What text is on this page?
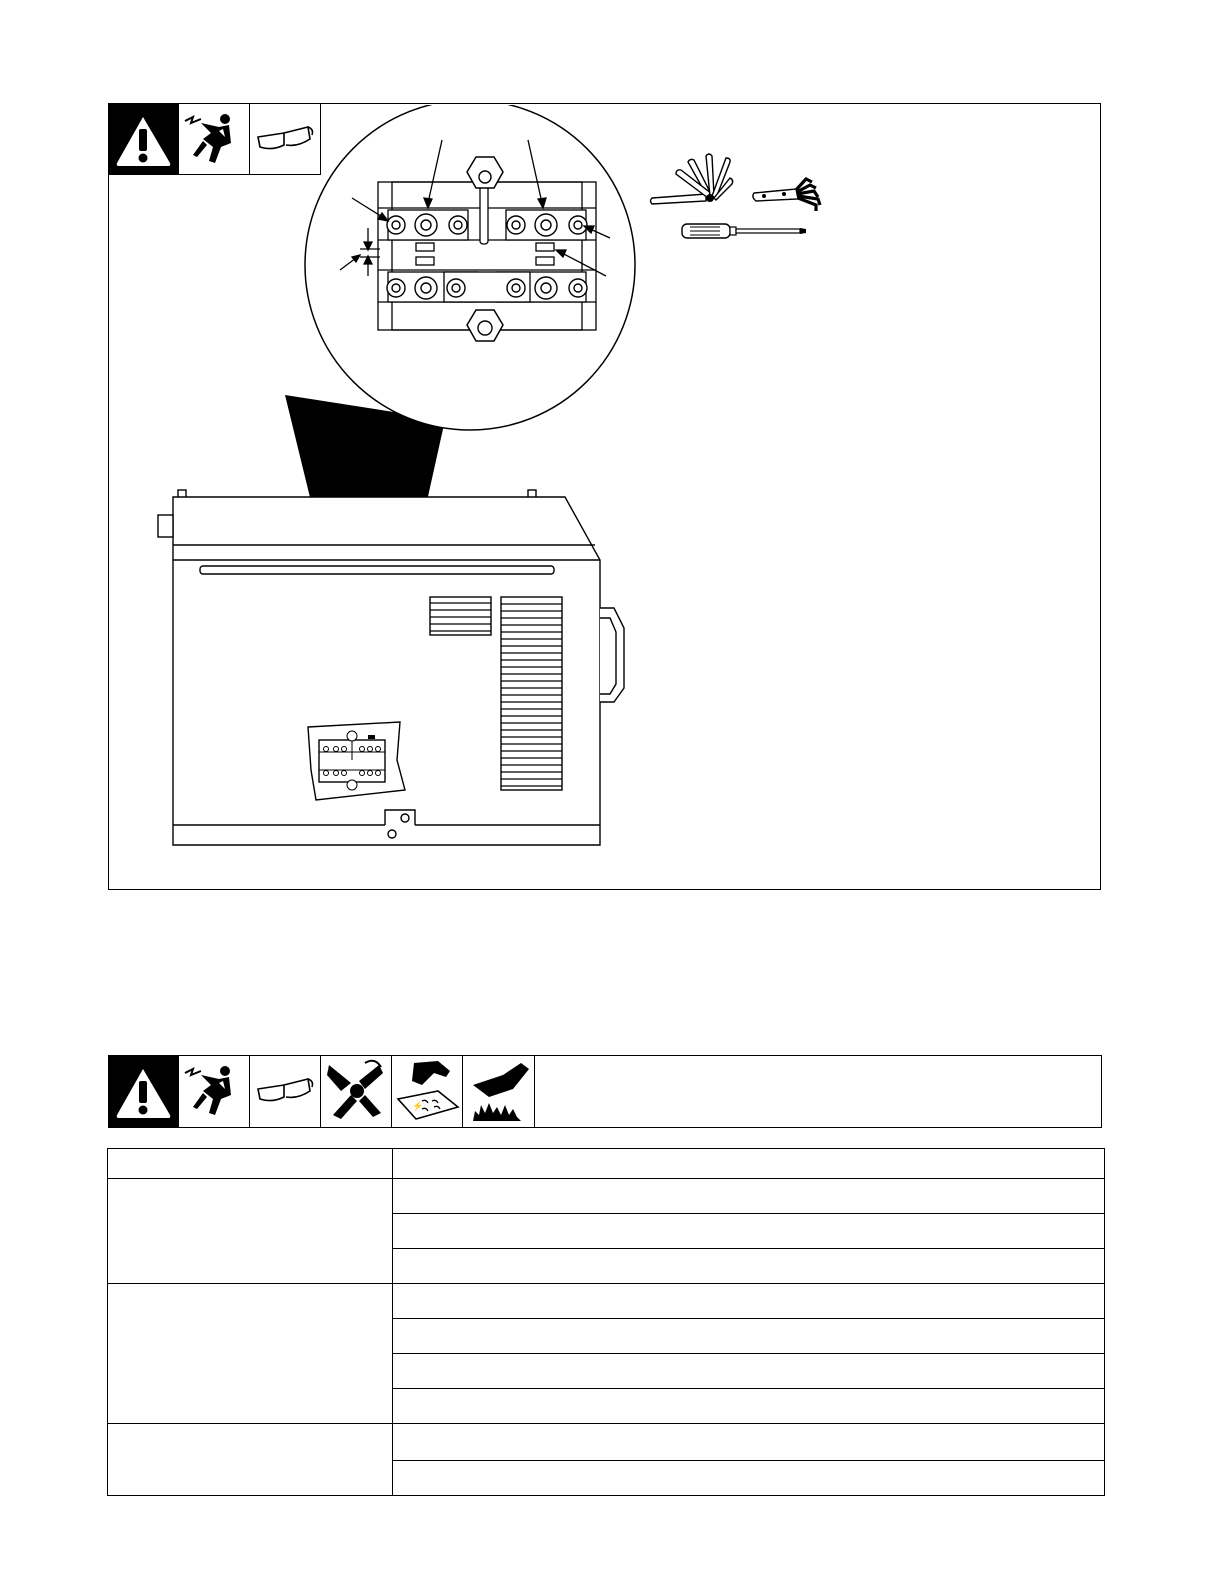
⚡
